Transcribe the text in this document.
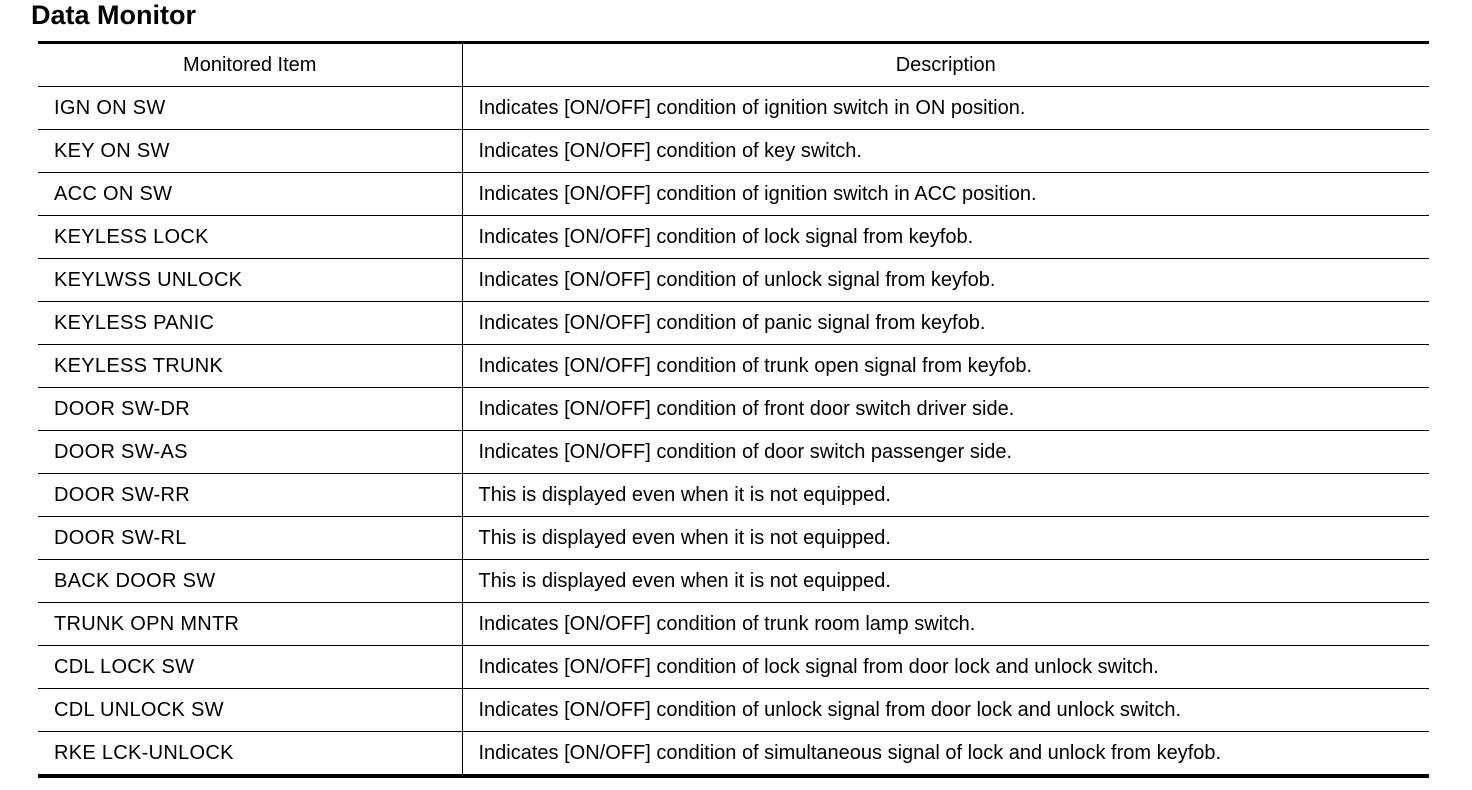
Data Monitor
Monitored Item	Description
IGN ON SW	Indicates [ON/OFF] condition of ignition switch in ON position.
KEY ON SW	Indicates [ON/OFF] condition of key switch.
ACC ON SW	Indicates [ON/OFF] condition of ignition switch in ACC position.
KEYLESS LOCK	Indicates [ON/OFF] condition of lock signal from keyfob.
KEYLWSS UNLOCK	Indicates [ON/OFF] condition of unlock signal from keyfob.
KEYLESS PANIC	Indicates [ON/OFF] condition of panic signal from keyfob.
KEYLESS TRUNK	Indicates [ON/OFF] condition of trunk open signal from keyfob.
DOOR SW-DR	Indicates [ON/OFF] condition of front door switch driver side.
DOOR SW-AS	Indicates [ON/OFF] condition of door switch passenger side.
DOOR SW-RR	This is displayed even when it is not equipped.
DOOR SW-RL	This is displayed even when it is not equipped.
BACK DOOR SW	This is displayed even when it is not equipped.
TRUNK OPN MNTR	Indicates [ON/OFF] condition of trunk room lamp switch.
CDL LOCK SW	Indicates [ON/OFF] condition of lock signal from door lock and unlock switch.
CDL UNLOCK SW	Indicates [ON/OFF] condition of unlock signal from door lock and unlock switch.
RKE LCK-UNLOCK	Indicates [ON/OFF] condition of simultaneous signal of lock and unlock from keyfob.
